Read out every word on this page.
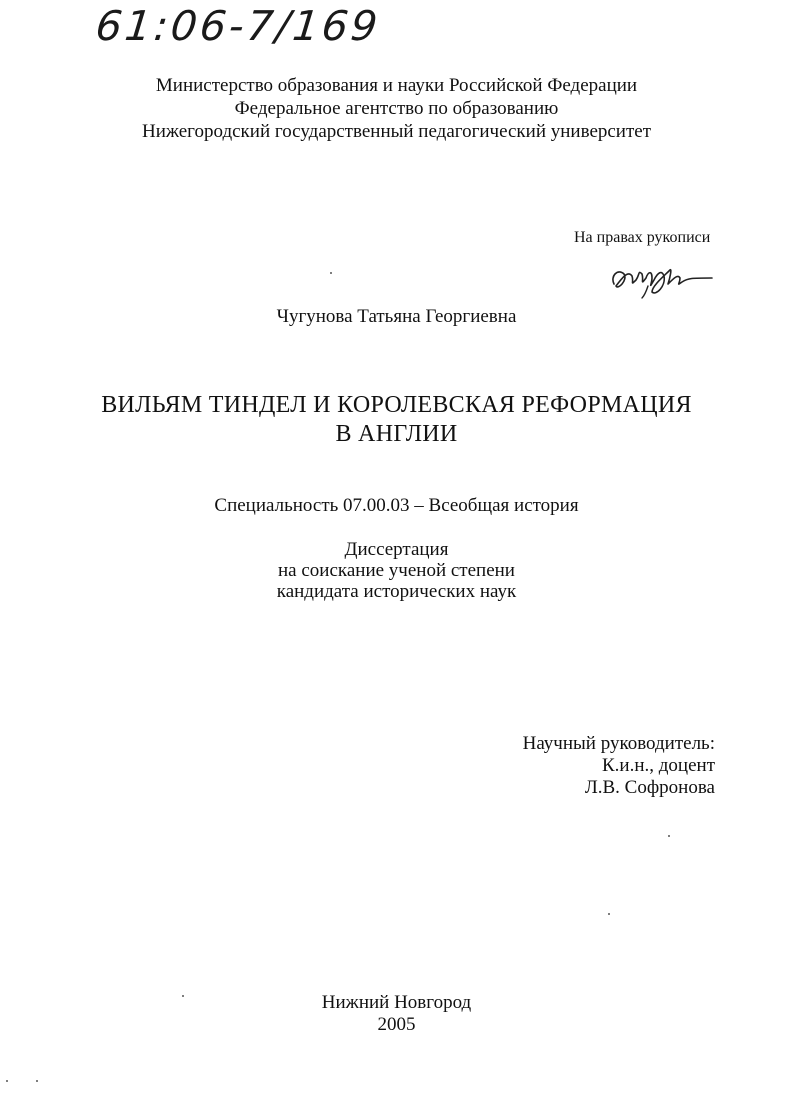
61:06-7/169
Министерство образования и науки Российской Федерации
Федеральное агентство по образованию
Нижегородский государственный педагогический университет
На правах рукописи
Чугунова Татьяна Георгиевна
ВИЛЬЯМ ТИНДЕЛ И КОРОЛЕВСКАЯ РЕФОРМАЦИЯ
В АНГЛИИ
Специальность 07.00.03 – Всеобщая история
Диссертация
на соискание ученой степени
кандидата исторических наук
Научный руководитель:
К.и.н., доцент
Л.В. Софронова
Нижний Новгород
2005
